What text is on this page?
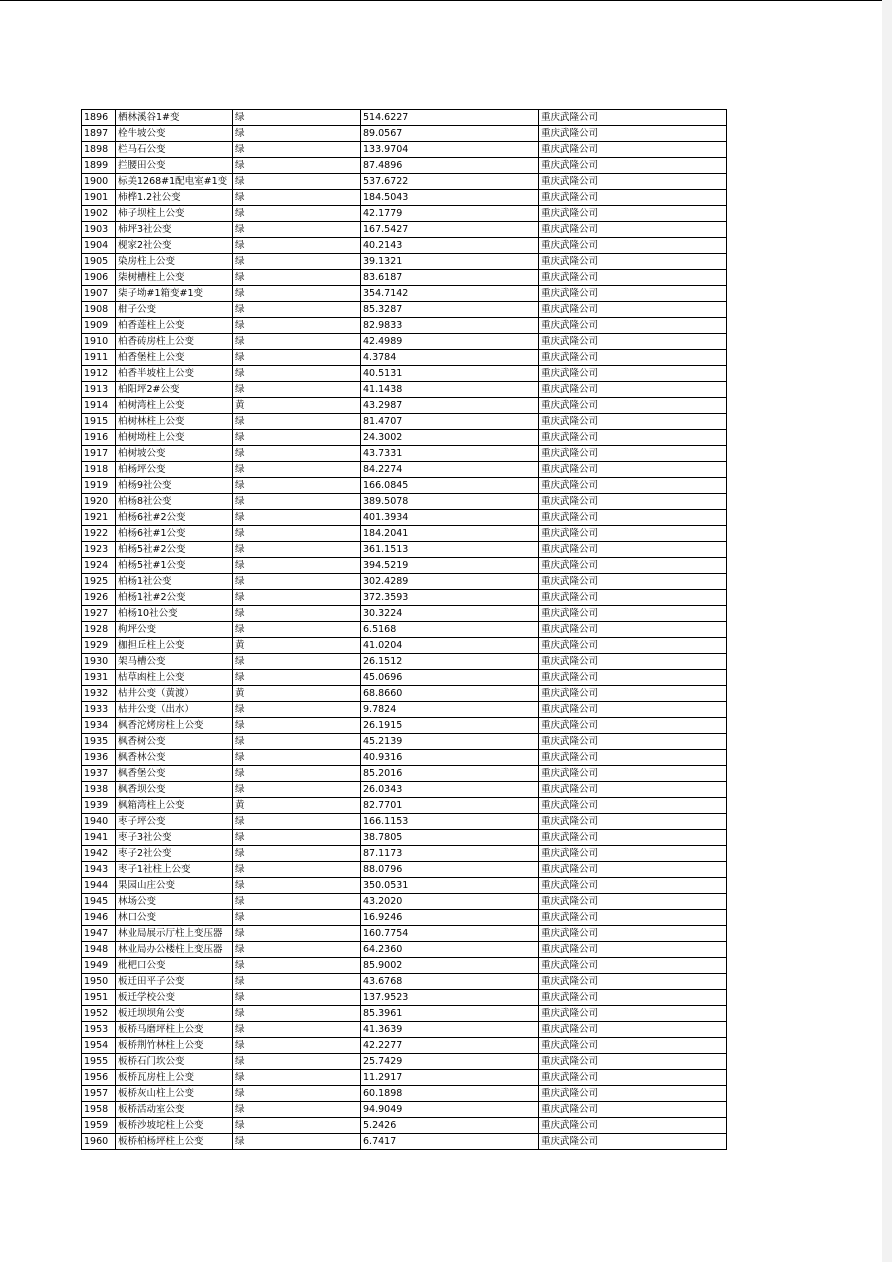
1896	栖林溪谷1#变	绿	514.6227	重庆武隆公司
1897	栓牛坡公变	绿	89.0567	重庆武隆公司
1898	栏马石公变	绿	133.9704	重庆武隆公司
1899	拦腰田公变	绿	87.4896	重庆武隆公司
1900	标美1268#1配电室#1变	绿	537.6722	重庆武隆公司
1901	柿桦1.2社公变	绿	184.5043	重庆武隆公司
1902	柿子坝柱上公变	绿	42.1779	重庆武隆公司
1903	柿坪3社公变	绿	167.5427	重庆武隆公司
1904	枧家2社公变	绿	40.2143	重庆武隆公司
1905	染房柱上公变	绿	39.1321	重庆武隆公司
1906	柒树槽柱上公变	绿	83.6187	重庆武隆公司
1907	柒子坳#1箱变#1变	绿	354.7142	重庆武隆公司
1908	柑子公变	绿	85.3287	重庆武隆公司
1909	柏香莲柱上公变	绿	82.9833	重庆武隆公司
1910	柏香砖房柱上公变	绿	42.4989	重庆武隆公司
1911	柏香堡柱上公变	绿	4.3784	重庆武隆公司
1912	柏香半坡柱上公变	绿	40.5131	重庆武隆公司
1913	柏阳坪2#公变	绿	41.1438	重庆武隆公司
1914	柏树湾柱上公变	黄	43.2987	重庆武隆公司
1915	柏树林柱上公变	绿	81.4707	重庆武隆公司
1916	柏树坳柱上公变	绿	24.3002	重庆武隆公司
1917	柏树坡公变	绿	43.7331	重庆武隆公司
1918	柏杨坪公变	绿	84.2274	重庆武隆公司
1919	柏杨9社公变	绿	166.0845	重庆武隆公司
1920	柏杨8社公变	绿	389.5078	重庆武隆公司
1921	柏杨6社#2公变	绿	401.3934	重庆武隆公司
1922	柏杨6社#1公变	绿	184.2041	重庆武隆公司
1923	柏杨5社#2公变	绿	361.1513	重庆武隆公司
1924	柏杨5社#1公变	绿	394.5219	重庆武隆公司
1925	柏杨1社公变	绿	302.4289	重庆武隆公司
1926	柏杨1社#2公变	绿	372.3593	重庆武隆公司
1927	柏杨10社公变	绿	30.3224	重庆武隆公司
1928	枸坪公变	绿	6.5168	重庆武隆公司
1929	枷担丘柱上公变	黄	41.0204	重庆武隆公司
1930	架马槽公变	绿	26.1512	重庆武隆公司
1931	枯草凼柱上公变	绿	45.0696	重庆武隆公司
1932	枯井公变（黄渡）	黄	68.8660	重庆武隆公司
1933	枯井公变（出水）	绿	9.7824	重庆武隆公司
1934	枫香沱烤房柱上公变	绿	26.1915	重庆武隆公司
1935	枫香树公变	绿	45.2139	重庆武隆公司
1936	枫香林公变	绿	40.9316	重庆武隆公司
1937	枫香堡公变	绿	85.2016	重庆武隆公司
1938	枫香坝公变	绿	26.0343	重庆武隆公司
1939	枫箱湾柱上公变	黄	82.7701	重庆武隆公司
1940	枣子坪公变	绿	166.1153	重庆武隆公司
1941	枣子3社公变	绿	38.7805	重庆武隆公司
1942	枣子2社公变	绿	87.1173	重庆武隆公司
1943	枣子1社柱上公变	绿	88.0796	重庆武隆公司
1944	果园山庄公变	绿	350.0531	重庆武隆公司
1945	林场公变	绿	43.2020	重庆武隆公司
1946	林口公变	绿	16.9246	重庆武隆公司
1947	林业局展示厅柱上变压器	绿	160.7754	重庆武隆公司
1948	林业局办公楼柱上变压器	绿	64.2360	重庆武隆公司
1949	枇杷口公变	绿	85.9002	重庆武隆公司
1950	板迁田平子公变	绿	43.6768	重庆武隆公司
1951	板迁学校公变	绿	137.9523	重庆武隆公司
1952	板迁坝坝角公变	绿	85.3961	重庆武隆公司
1953	板桥马磨坪柱上公变	绿	41.3639	重庆武隆公司
1954	板桥荆竹林柱上公变	绿	42.2277	重庆武隆公司
1955	板桥石门坎公变	绿	25.7429	重庆武隆公司
1956	板桥瓦房柱上公变	绿	11.2917	重庆武隆公司
1957	板桥灰山柱上公变	绿	60.1898	重庆武隆公司
1958	板桥活动室公变	绿	94.9049	重庆武隆公司
1959	板桥沙坡坨柱上公变	绿	5.2426	重庆武隆公司
1960	板桥柏杨坪柱上公变	绿	6.7417	重庆武隆公司
